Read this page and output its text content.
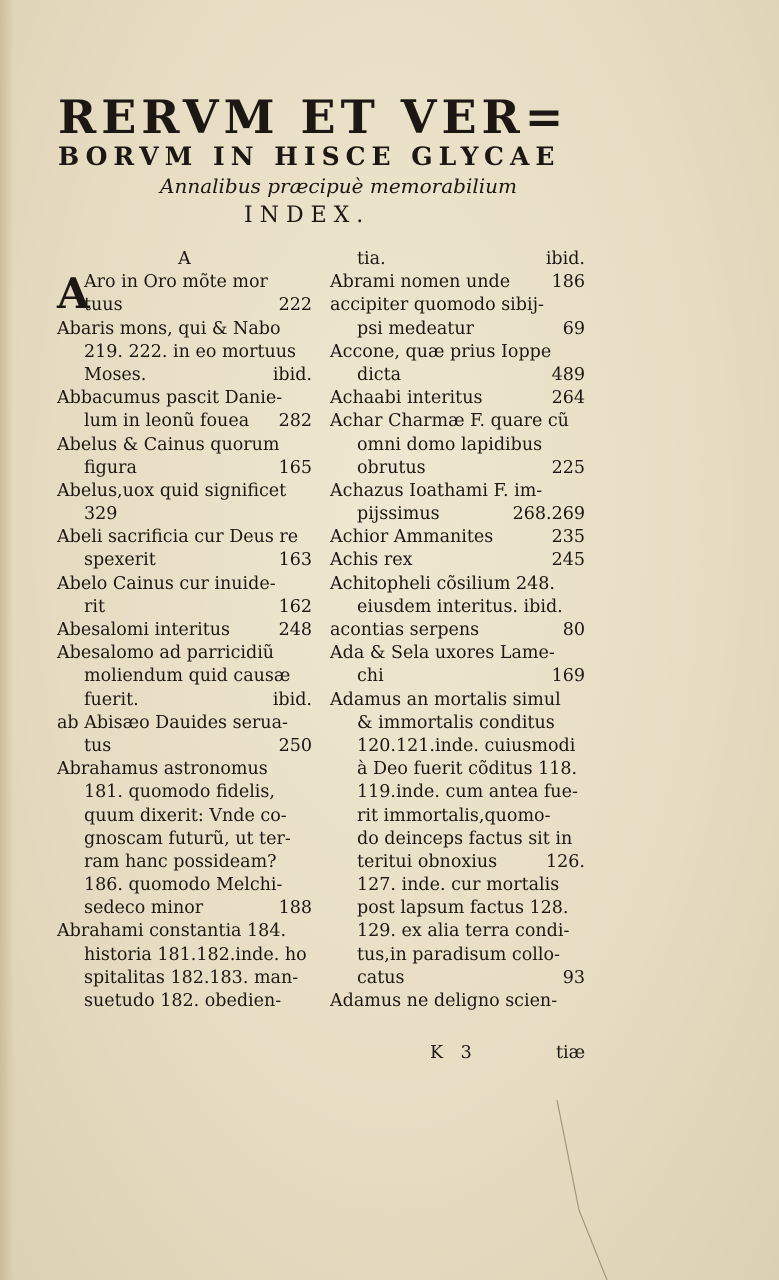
RERVM ET VER=
BORVM IN HISCE GLYCAE
Annalibus præcipuè memorabilium
INDEX.
A
A
Aro in Oro mõte mor
tuus	222
Abaris mons, qui & Nabo
219. 222. in eo mortuus
Moses.	ibid.
Abbacumus pascit Danie-
lum in leonũ fouea 282
Abelus & Cainus quorum
figura	165
Abelus,uox quid significet
329
Abeli sacrificia cur Deus re
spexerit	163
Abelo Cainus cur inuide-
rit	162
Abesalomi interitus	248
Abesalomo ad parricidiũ
moliendum quid causæ
fuerit.	ibid.
ab Abisæo Dauides serua-
tus	250
Abrahamus astronomus
181. quomodo fidelis,
quum dixerit: Vnde co-
gnoscam futurũ, ut ter-
ram hanc possideam?
186. quomodo Melchi-
sedeco minor	188
Abrahami constantia 184.
historia 181.182.inde. ho
spitalitas 182.183. man-
suetudo 182. obedien-
tia.	ibid.
Abrami nomen unde 186
accipiter quomodo sibij-
psi medeatur	69
Accone, quæ prius Ioppe
dicta	489
Achaabi interitus	264
Achar Charmæ F. quare cũ
omni domo lapidibus
obrutus	225
Achazus Ioathami F. im-
pijssimus	268.269
Achior Ammanites	235
Achis rex	245
Achitopheli cõsilium 248.
eiusdem interitus. ibid.
acontias serpens	80
Ada & Sela uxores Lame-
chi	169
Adamus an mortalis simul
& immortalis conditus
120.121.inde. cuiusmodi
à Deo fuerit cõditus 118.
119.inde. cum antea fue-
rit immortalis,quomo-
do deinceps factus sit in
teritui obnoxius	126.
127. inde. cur mortalis
post lapsum factus 128.
129. ex alia terra condi-
tus,in paradisum collo-
catus	93
Adamus ne deligno scien-
K 3	tiæ
